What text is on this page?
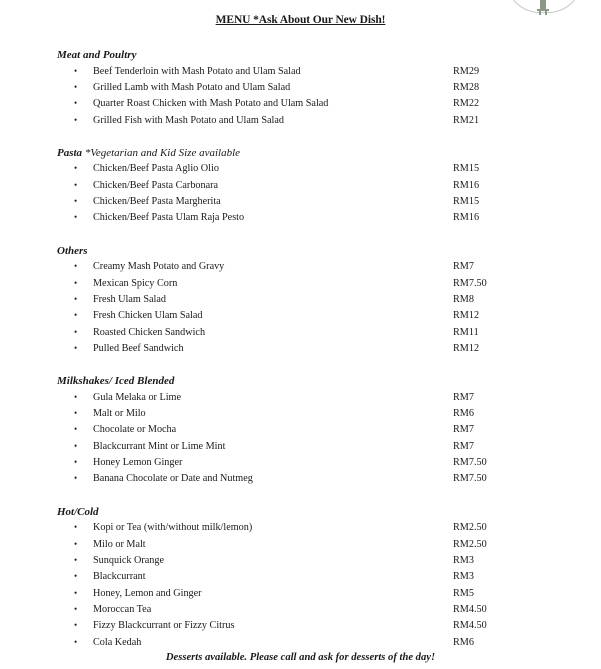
MENU *Ask About Our New Dish!
Meat and Poultry
• Beef Tenderloin with Mash Potato and Ulam Salad	RM29
• Grilled Lamb with Mash Potato and Ulam Salad	RM28
• Quarter Roast Chicken with Mash Potato and Ulam Salad	RM22
• Grilled Fish with Mash Potato and Ulam Salad	RM21
Pasta *Vegetarian and Kid Size available
• Chicken/Beef Pasta Aglio Olio	RM15
• Chicken/Beef Pasta Carbonara	RM16
• Chicken/Beef Pasta Margherita	RM15
• Chicken/Beef Pasta Ulam Raja Pesto	RM16
Others
• Creamy Mash Potato and Gravy	RM7
• Mexican Spicy Corn	RM7.50
• Fresh Ulam Salad	RM8
• Fresh Chicken Ulam Salad	RM12
• Roasted Chicken Sandwich	RM11
• Pulled Beef Sandwich	RM12
Milkshakes/ Iced Blended
• Gula Melaka or Lime	RM7
• Malt or Milo	RM6
• Chocolate or Mocha	RM7
• Blackcurrant Mint or Lime Mint	RM7
• Honey Lemon Ginger	RM7.50
• Banana Chocolate or Date and Nutmeg	RM7.50
Hot/Cold
• Kopi or Tea (with/without milk/lemon)	RM2.50
• Milo or Malt	RM2.50
• Sunquick Orange	RM3
• Blackcurrant	RM3
• Honey, Lemon and Ginger	RM5
• Moroccan Tea	RM4.50
• Fizzy Blackcurrant or Fizzy Citrus	RM4.50
• Cola Kedah	RM6
Desserts available. Please call and ask for desserts of the day!
